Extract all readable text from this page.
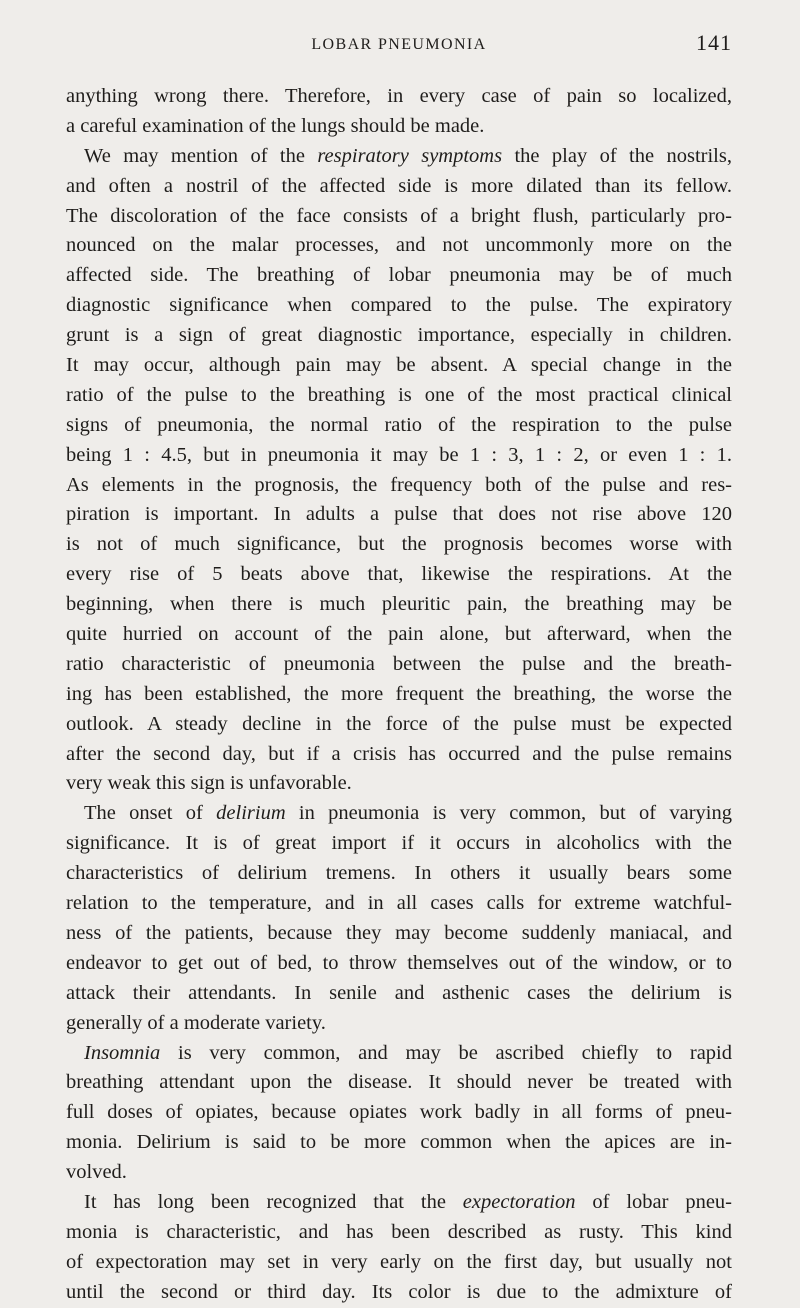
LOBAR PNEUMONIA	141
anything wrong there. Therefore, in every case of pain so localized,
a careful examination of the lungs should be made.
We may mention of the respiratory symptoms the play of the nostrils,
and often a nostril of the affected side is more dilated than its fellow.
The discoloration of the face consists of a bright flush, particularly pro-
nounced on the malar processes, and not uncommonly more on the
affected side. The breathing of lobar pneumonia may be of much
diagnostic significance when compared to the pulse. The expiratory
grunt is a sign of great diagnostic importance, especially in children.
It may occur, although pain may be absent. A special change in the
ratio of the pulse to the breathing is one of the most practical clinical
signs of pneumonia, the normal ratio of the respiration to the pulse
being 1 : 4.5, but in pneumonia it may be 1 : 3, 1 : 2, or even 1 : 1.
As elements in the prognosis, the frequency both of the pulse and res-
piration is important. In adults a pulse that does not rise above 120
is not of much significance, but the prognosis becomes worse with
every rise of 5 beats above that, likewise the respirations. At the
beginning, when there is much pleuritic pain, the breathing may be
quite hurried on account of the pain alone, but afterward, when the
ratio characteristic of pneumonia between the pulse and the breath-
ing has been established, the more frequent the breathing, the worse the
outlook. A steady decline in the force of the pulse must be expected
after the second day, but if a crisis has occurred and the pulse remains
very weak this sign is unfavorable.
The onset of delirium in pneumonia is very common, but of varying
significance. It is of great import if it occurs in alcoholics with the
characteristics of delirium tremens. In others it usually bears some
relation to the temperature, and in all cases calls for extreme watchful-
ness of the patients, because they may become suddenly maniacal, and
endeavor to get out of bed, to throw themselves out of the window, or to
attack their attendants. In senile and asthenic cases the delirium is
generally of a moderate variety.
Insomnia is very common, and may be ascribed chiefly to rapid
breathing attendant upon the disease. It should never be treated with
full doses of opiates, because opiates work badly in all forms of pneu-
monia. Delirium is said to be more common when the apices are in-
volved.
It has long been recognized that the expectoration of lobar pneu-
monia is characteristic, and has been described as rusty. This kind
of expectoration may set in very early on the first day, but usually not
until the second or third day. Its color is due to the admixture of
